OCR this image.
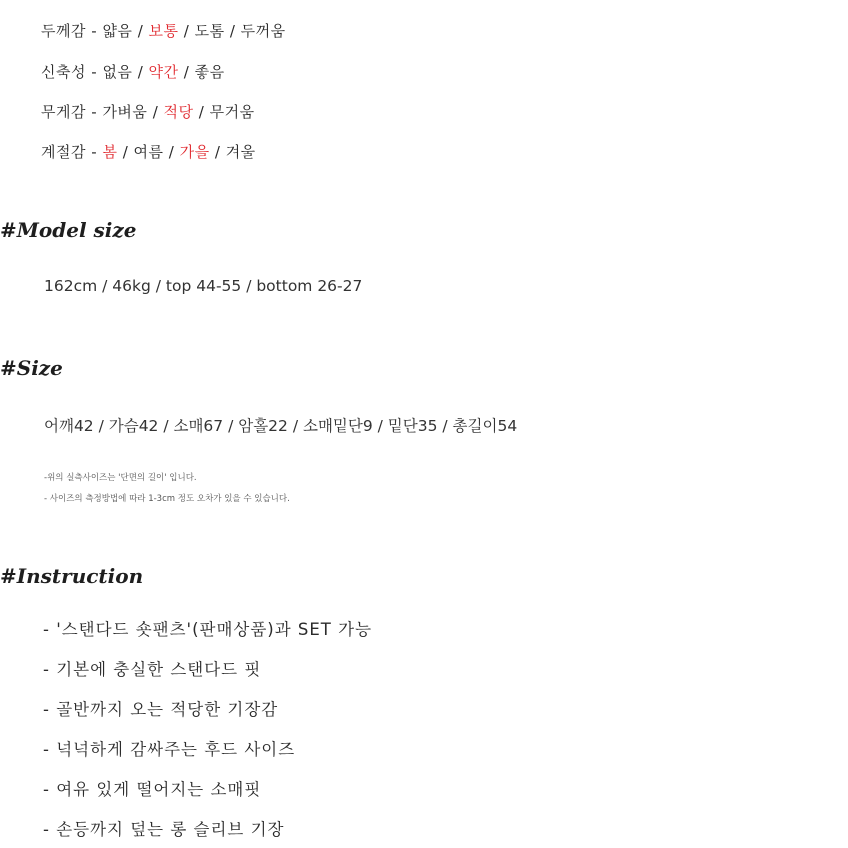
두께감 - 얇음 / 보통 / 도톰 / 두꺼움
신축성 - 없음 / 약간 / 좋음
무게감 - 가벼움 / 적당 / 무거움
계절감 - 봄 / 여름 / 가을 / 겨울
#Model size
162cm / 46kg / top 44-55 / bottom 26-27
#Size
어깨42 / 가슴42 / 소매67 / 암홀22 / 소매밑단9 / 밑단35 / 총길이54
-위의 실측사이즈는 '단면의 길이' 입니다.
- 사이즈의 측정방법에 따라 1-3cm 정도 오차가 있을 수 있습니다.
#Instruction
- '스탠다드 숏팬츠'(판매상품)과 SET 가능
- 기본에 충실한 스탠다드 핏
- 골반까지 오는 적당한 기장감
- 넉넉하게 감싸주는 후드 사이즈
- 여유 있게 떨어지는 소매핏
- 손등까지 덮는 롱 슬리브 기장
